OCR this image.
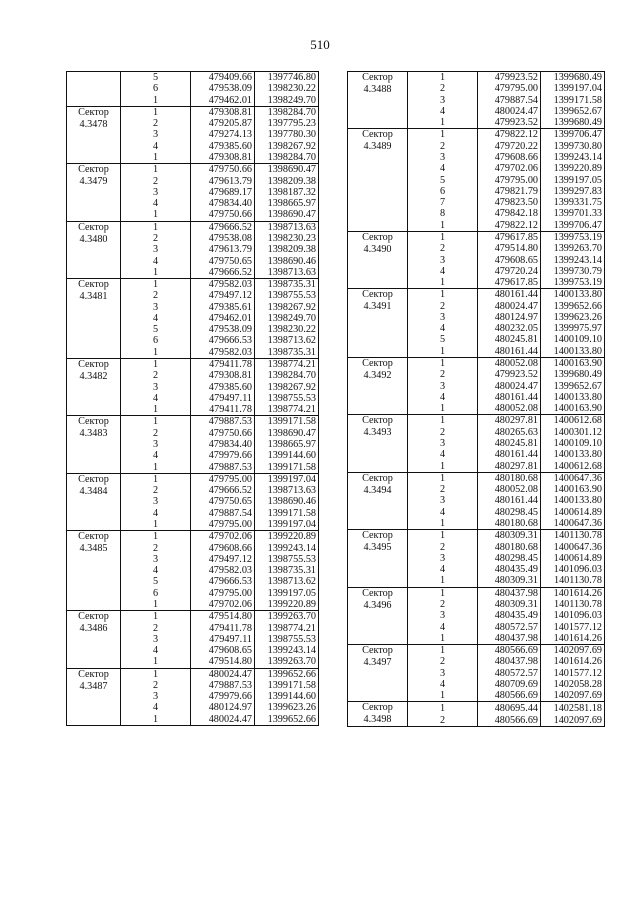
510
	5	479409.66	1397746.80
	6	479538.09	1398230.22
	1	479462.01	1398249.70

Сектор
4.3478	1	479308.81	1398284.70
	2	479205.87	1397795.23
	3	479274.13	1397780.30
	4	479385.60	1398267.92
	1	479308.81	1398284.70

Сектор
4.3479	1	479750.66	1398690.47
	2	479613.79	1398209.38
	3	479689.17	1398187.32
	4	479834.40	1398665.97
	1	479750.66	1398690.47

Сектор
4.3480	1	479666.52	1398713.63
	2	479538.08	1398230.23
	3	479613.79	1398209.38
	4	479750.65	1398690.46
	1	479666.52	1398713.63

Сектор
4.3481	1	479582.03	1398735.31
	2	479497.12	1398755.53
	3	479385.61	1398267.92
	4	479462.01	1398249.70
	5	479538.09	1398230.22
	6	479666.53	1398713.62
	1	479582.03	1398735.31

Сектор
4.3482	1	479411.78	1398774.21
	2	479308.81	1398284.70
	3	479385.60	1398267.92
	4	479497.11	1398755.53
	1	479411.78	1398774.21

Сектор
4.3483	1	479887.53	1399171.58
	2	479750.66	1398690.47
	3	479834.40	1398665.97
	4	479979.66	1399144.60
	1	479887.53	1399171.58

Сектор
4.3484	1	479795.00	1399197.04
	2	479666.52	1398713.63
	3	479750.65	1398690.46
	4	479887.54	1399171.58
	1	479795.00	1399197.04

Сектор
4.3485	1	479702.06	1399220.89
	2	479608.66	1399243.14
	3	479497.12	1398755.53
	4	479582.03	1398735.31
	5	479666.53	1398713.62
	6	479795.00	1399197.05
	1	479702.06	1399220.89

Сектор
4.3486	1	479514.80	1399263.70
	2	479411.78	1398774.21
	3	479497.11	1398755.53
	4	479608.65	1399243.14
	1	479514.80	1399263.70

Сектор
4.3487	1	480024.47	1399652.66
	2	479887.53	1399171.58
	3	479979.66	1399144.60
	4	480124.97	1399623.26
	1	480024.47	1399652.66
Сектор
4.3488	1	479923.52	1399680.49
	2	479795.00	1399197.04
	3	479887.54	1399171.58
	4	480024.47	1399652.67
	1	479923.52	1399680.49

Сектор
4.3489	1	479822.12	1399706.47
	2	479720.22	1399730.80
	3	479608.66	1399243.14
	4	479702.06	1399220.89
	5	479795.00	1399197.05
	6	479821.79	1399297.83
	7	479823.50	1399331.75
	8	479842.18	1399701.33
	1	479822.12	1399706.47

Сектор
4.3490	1	479617.85	1399753.19
	2	479514.80	1399263.70
	3	479608.65	1399243.14
	4	479720.24	1399730.79
	1	479617.85	1399753.19

Сектор
4.3491	1	480161.44	1400133.80
	2	480024.47	1399652.66
	3	480124.97	1399623.26
	4	480232.05	1399975.97
	5	480245.81	1400109.10
	1	480161.44	1400133.80

Сектор
4.3492	1	480052.08	1400163.90
	2	479923.52	1399680.49
	3	480024.47	1399652.67
	4	480161.44	1400133.80
	1	480052.08	1400163.90

Сектор
4.3493	1	480297.81	1400612.68
	2	480265.63	1400301.12
	3	480245.81	1400109.10
	4	480161.44	1400133.80
	1	480297.81	1400612.68

Сектор
4.3494	1	480180.68	1400647.36
	2	480052.08	1400163.90
	3	480161.44	1400133.80
	4	480298.45	1400614.89
	1	480180.68	1400647.36

Сектор
4.3495	1	480309.31	1401130.78
	2	480180.68	1400647.36
	3	480298.45	1400614.89
	4	480435.49	1401096.03
	1	480309.31	1401130.78

Сектор
4.3496	1	480437.98	1401614.26
	2	480309.31	1401130.78
	3	480435.49	1401096.03
	4	480572.57	1401577.12
	1	480437.98	1401614.26

Сектор
4.3497	1	480566.69	1402097.69
	2	480437.98	1401614.26
	3	480572.57	1401577.12
	4	480709.69	1402058.28
	1	480566.69	1402097.69

Сектор
4.3498	1	480695.44	1402581.18
	2	480566.69	1402097.69
